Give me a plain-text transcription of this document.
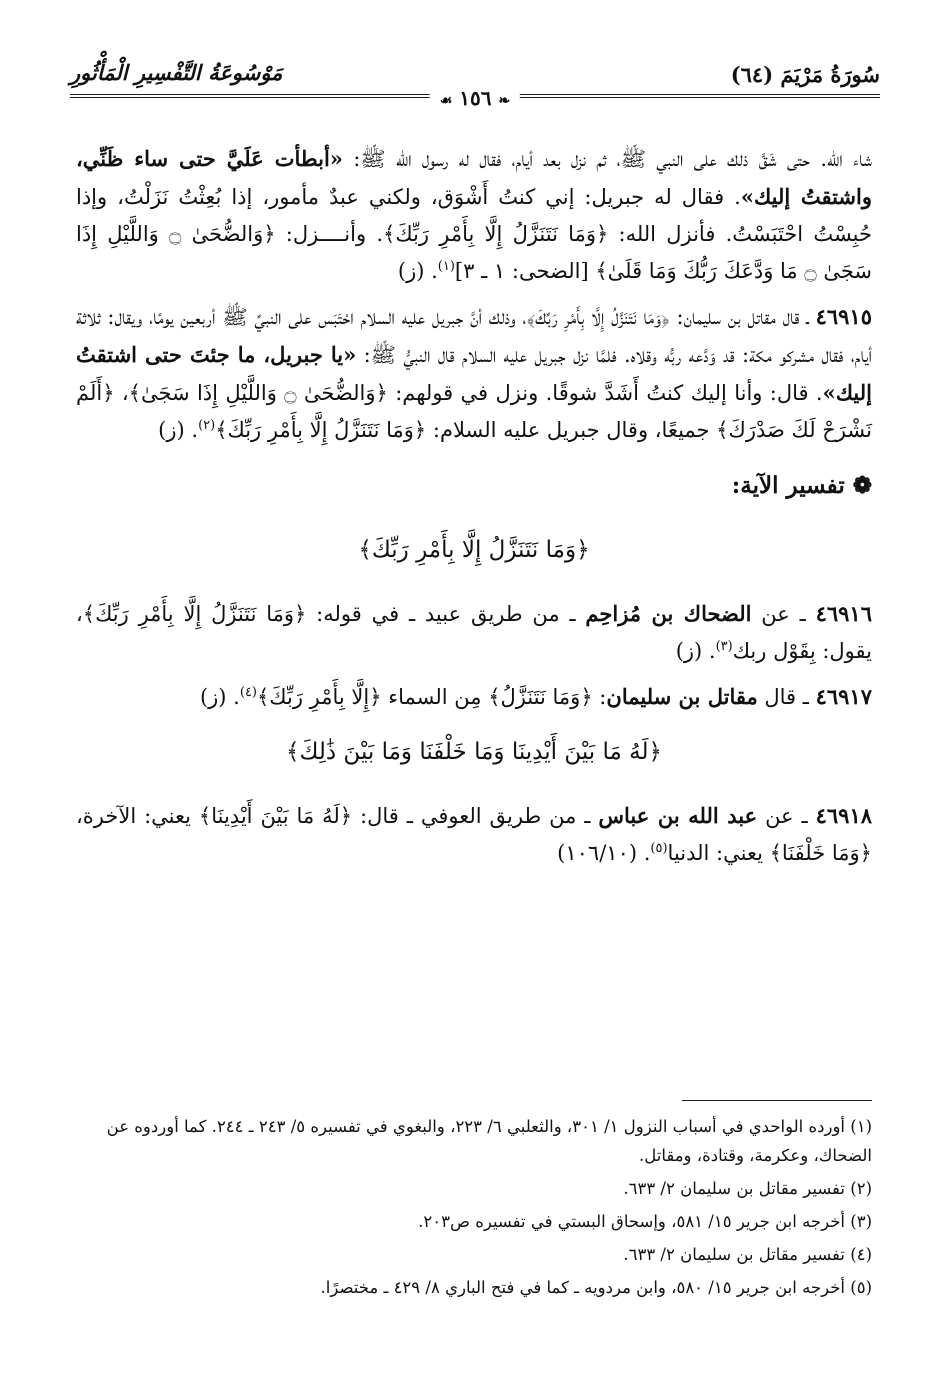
سُورَةُ مَرْيَمَ (٦٤)
مَوْسُوعَةُ التَّفْسِيرِ الْمَأْثُورِ
❧ ١٥٦ ☙

شاء الله. حتى شَقَّ ذلك على النبي ﷺ، ثم نزل بعد أيام، فقال له رسول الله ﷺ: «أبطأت عَلَيَّ حتى ساء ظَنِّي، واشتقتُ إليك». فقال له جبريل: إني كنتُ أَشْوَق، ولكني عبدٌ مأمور، إذا بُعِثْتُ نَزَلْتُ، وإذا حُبِسْتُ احْتَبَسْتُ. فأنزل الله: ﴿وَمَا نَتَنَزَّلُ إِلَّا بِأَمْرِ رَبِّكَ﴾. وأنــــزل: ﴿وَالضُّحَىٰ ۝ وَاللَّيْلِ إِذَا سَجَىٰ ۝ مَا وَدَّعَكَ رَبُّكَ وَمَا قَلَىٰ﴾ [الضحى: ١ ـ ٣]$^{(١)}$. (ز)

٤٦٩١٥ ـ قال مقاتل بن سليمان: ﴿وَمَا نَتَنَزَّلُ إِلَّا بِأَمْرِ رَبِّكَ﴾، وذلك أنَّ جبريل عليه السلام احْتَبَس على النبيِّ ﷺ أربعين يومًا، ويقال: ثلاثة أيام، فقال مشركو مكة: قد وَدَّعه ربُّه وقلاه. فلمَّا نزل جبريل عليه السلام قال النبيُّ ﷺ: «يا جبريل، ما جئتَ حتى اشتقتُ إليك». قال: وأنا إليك كنتُ أَشَدَّ شوقًا. ونزل في قولهم: ﴿وَالضُّحَىٰ ۝ وَاللَّيْلِ إِذَا سَجَىٰ﴾، ﴿أَلَمْ نَشْرَحْ لَكَ صَدْرَكَ﴾ جميعًا، وقال جبريل عليه السلام: ﴿وَمَا نَتَنَزَّلُ إِلَّا بِأَمْرِ رَبِّكَ﴾$^{(٢)}$. (ز)

❁ تفسير الآية:
﴿وَمَا نَتَنَزَّلُ إِلَّا بِأَمْرِ رَبِّكَ﴾

٤٦٩١٦ ـ عن الضحاك بن مُزاحِم ـ من طريق عبيد ـ في قوله: ﴿وَمَا نَتَنَزَّلُ إِلَّا بِأَمْرِ رَبِّكَ﴾، يقول: بِقَوْل ربك$^{(٣)}$. (ز)

٤٦٩١٧ ـ قال مقاتل بن سليمان: ﴿وَمَا نَتَنَزَّلُ﴾ مِن السماء ﴿إِلَّا بِأَمْرِ رَبِّكَ﴾$^{(٤)}$. (ز)

﴿لَهُ مَا بَيْنَ أَيْدِينَا وَمَا خَلْفَنَا وَمَا بَيْنَ ذَٰلِكَ﴾

٤٦٩١٨ ـ عن عبد الله بن عباس ـ من طريق العوفي ـ قال: ﴿لَهُ مَا بَيْنَ أَيْدِينَا﴾ يعني: الآخرة، ﴿وَمَا خَلْفَنَا﴾ يعني: الدنيا$^{(٥)}$. (١٠٦/١٠)

(١) أورده الواحدي في أسباب النزول ١/ ٣٠١، والثعلبي ٦/ ٢٢٣، والبغوي في تفسيره ٥/ ٢٤٣ ـ ٢٤٤. كما أوردوه عن الضحاك، وعكرمة، وقتادة، ومقاتل.
(٢) تفسير مقاتل بن سليمان ٢/ ٦٣٣.
(٣) أخرجه ابن جرير ١٥/ ٥٨١، وإسحاق البستي في تفسيره ص٢٠٣.
(٤) تفسير مقاتل بن سليمان ٢/ ٦٣٣.
(٥) أخرجه ابن جرير ١٥/ ٥٨٠، وابن مردويه ـ كما في فتح الباري ٨/ ٤٢٩ ـ مختصرًا.
